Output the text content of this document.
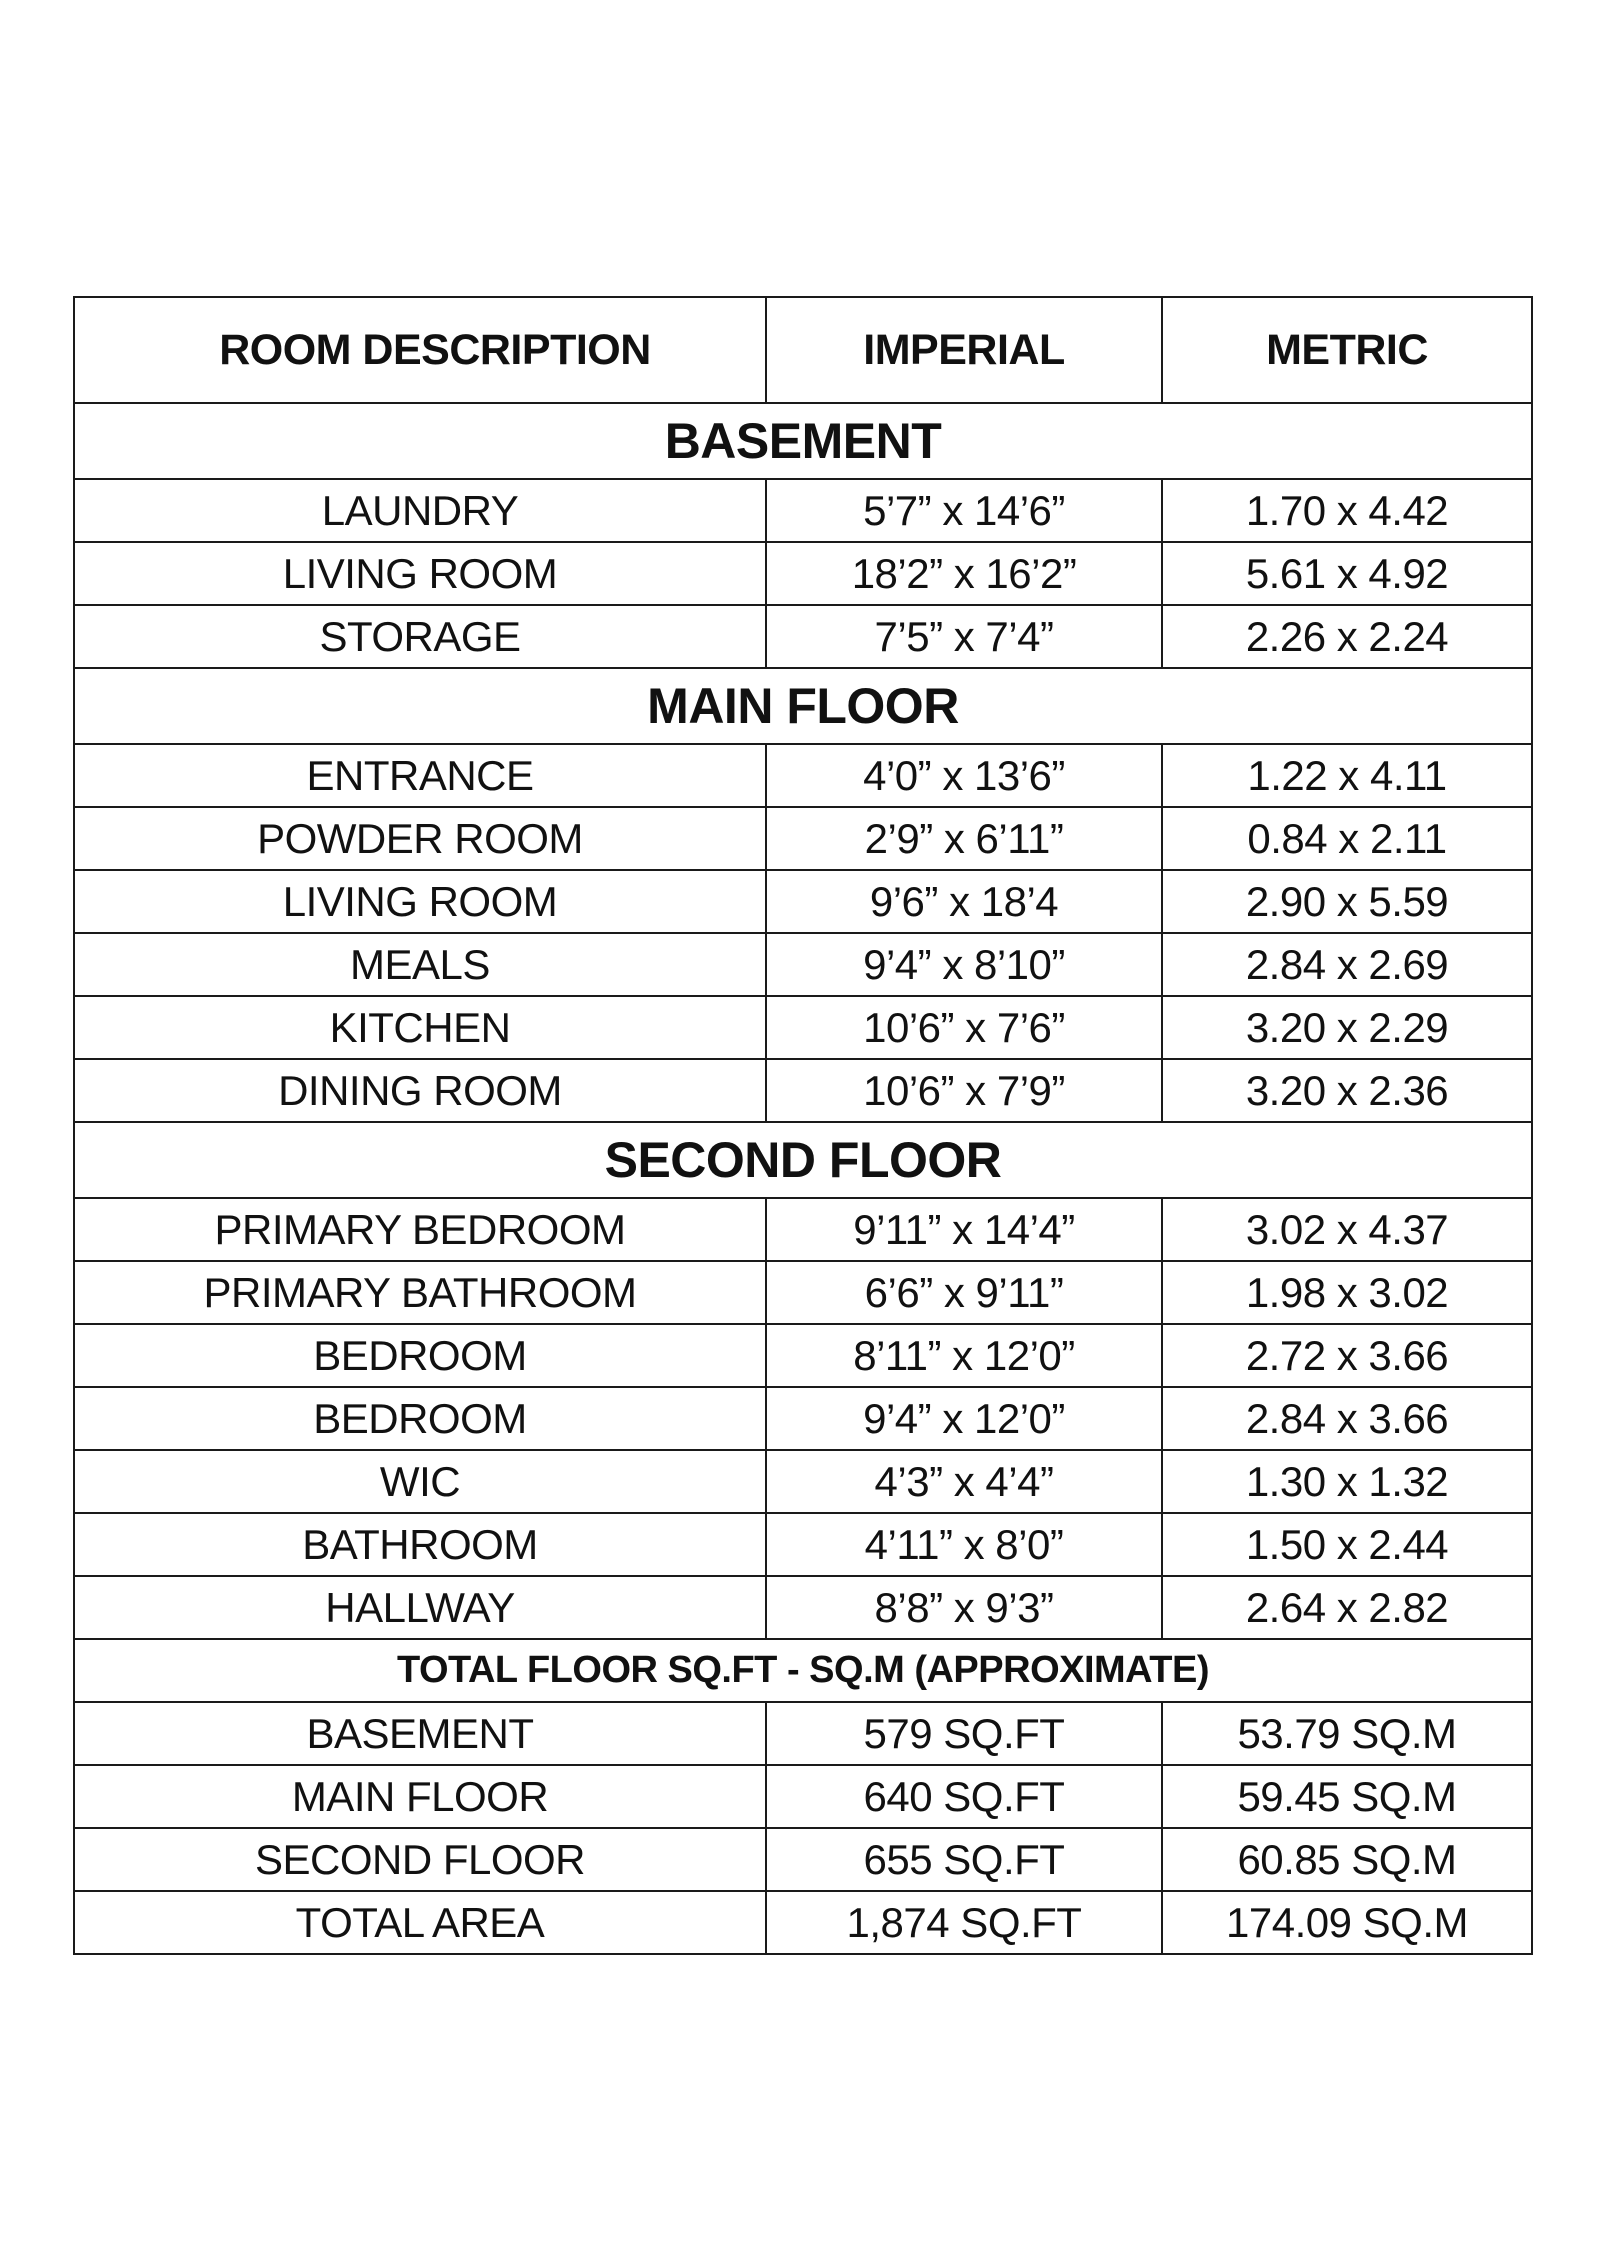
ROOM DESCRIPTION	IMPERIAL	METRIC
BASEMENT		
LAUNDRY	5’7” x 14’6”	1.70 x 4.42
LIVING ROOM	18’2” x 16’2”	5.61 x 4.92
STORAGE	7’5” x 7’4”	2.26 x 2.24
MAIN FLOOR		
ENTRANCE	4’0” x 13’6”	1.22 x 4.11
POWDER ROOM	2’9” x 6’11”	0.84 x 2.11
LIVING ROOM	9’6” x 18’4	2.90 x 5.59
MEALS	9’4” x 8’10”	2.84 x 2.69
KITCHEN	10’6” x 7’6”	3.20 x 2.29
DINING ROOM	10’6” x 7’9”	3.20 x 2.36
SECOND FLOOR		
PRIMARY BEDROOM	9’11” x 14’4”	3.02 x 4.37
PRIMARY BATHROOM	6’6” x 9’11”	1.98 x 3.02
BEDROOM	8’11” x 12’0”	2.72 x 3.66
BEDROOM	9’4” x 12’0”	2.84 x 3.66
WIC	4’3” x 4’4”	1.30 x 1.32
BATHROOM	4’11” x 8’0”	1.50 x 2.44
HALLWAY	8’8” x 9’3”	2.64 x 2.82
TOTAL FLOOR SQ.FT - SQ.M (APPROXIMATE)		
BASEMENT	579 SQ.FT	53.79 SQ.M
MAIN FLOOR	640 SQ.FT	59.45 SQ.M
SECOND FLOOR	655 SQ.FT	60.85 SQ.M
TOTAL AREA	1,874 SQ.FT	174.09 SQ.M
